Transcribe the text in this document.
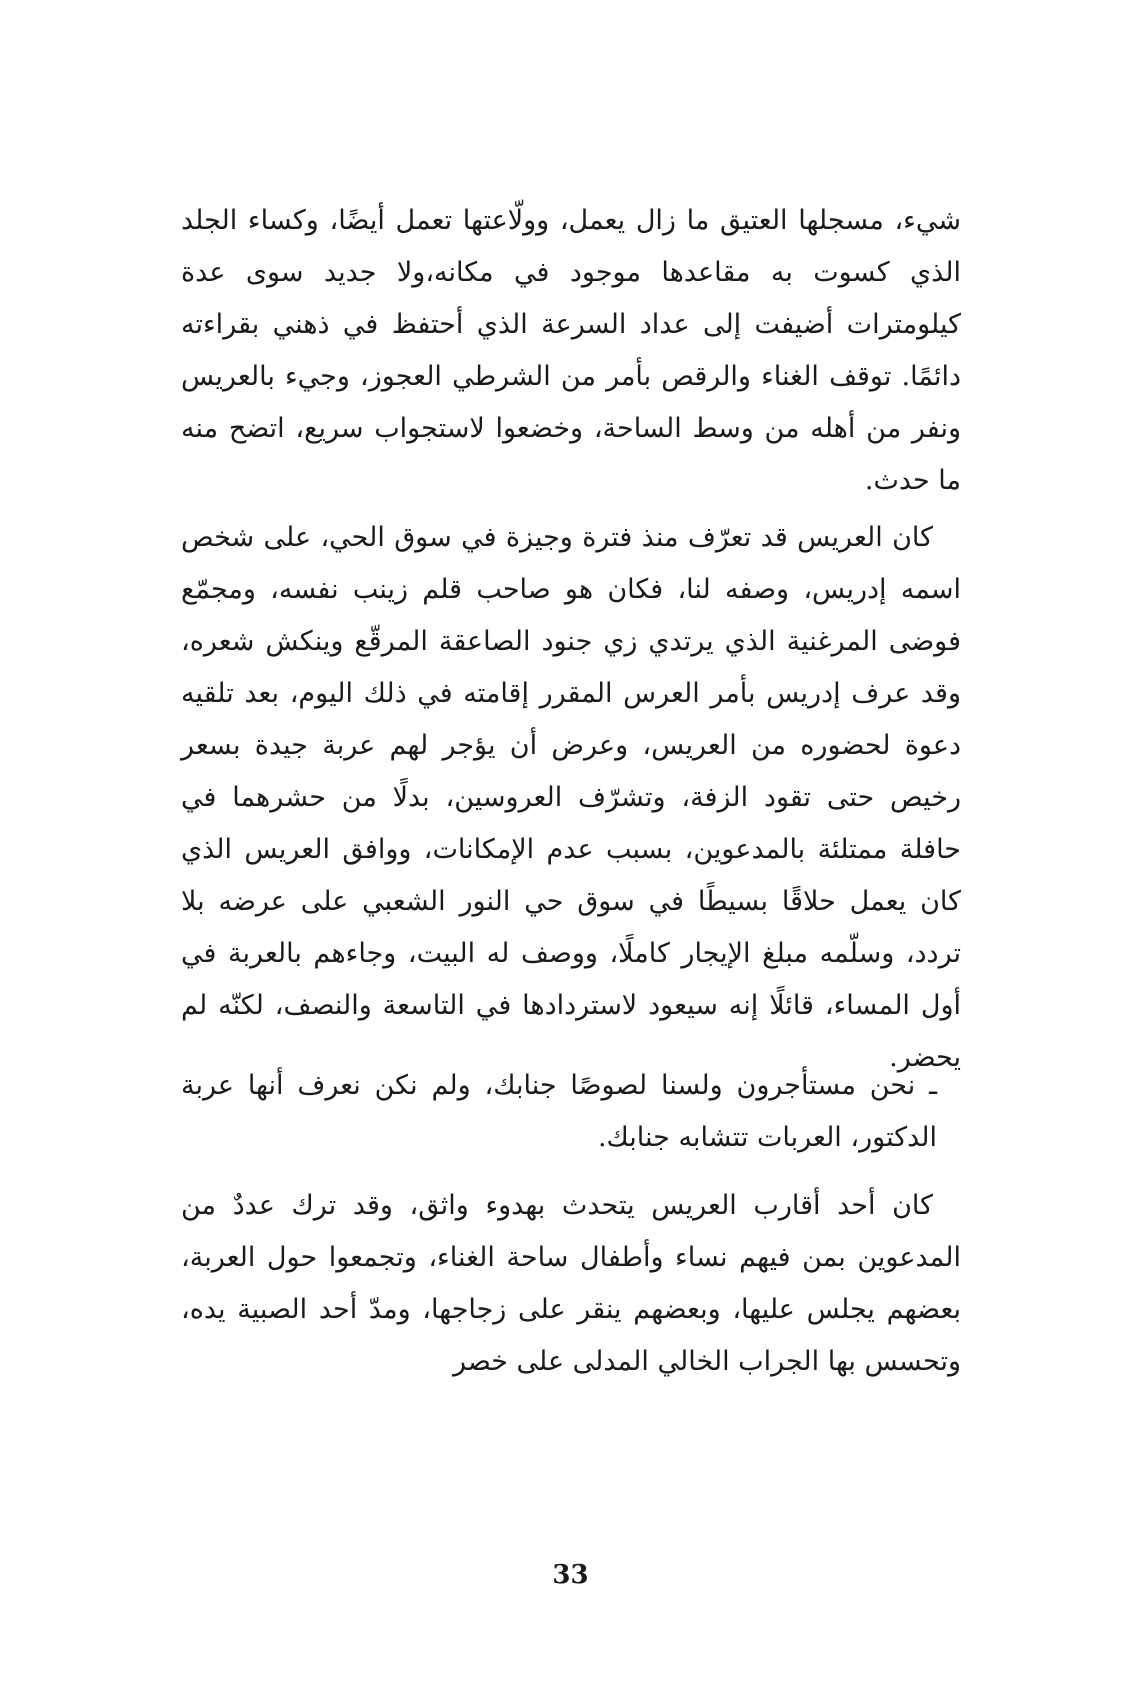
شيء، مسجلها العتيق ما زال يعمل، وولّاعتها تعمل أيضًا، وكساء الجلد الذي كسوت به مقاعدها موجود في مكانه،ولا جديد سوى عدة كيلومترات أضيفت إلى عداد السرعة الذي أحتفظ في ذهني بقراءته دائمًا. توقف الغناء والرقص بأمر من الشرطي العجوز، وجيء بالعريس ونفر من أهله من وسط الساحة، وخضعوا لاستجواب سريع، اتضح منه ما حدث.

كان العريس قد تعرّف منذ فترة وجيزة في سوق الحي، على شخص اسمه إدريس، وصفه لنا، فكان هو صاحب قلم زينب نفسه، ومجمّع فوضى المرغنية الذي يرتدي زي جنود الصاعقة المرقّع وينكش شعره، وقد عرف إدريس بأمر العرس المقرر إقامته في ذلك اليوم، بعد تلقيه دعوة لحضوره من العريس، وعرض أن يؤجر لهم عربة جيدة بسعر رخيص حتى تقود الزفة، وتشرّف العروسين، بدلًا من حشرهما في حافلة ممتلئة بالمدعوين، بسبب عدم الإمكانات، ووافق العريس الذي كان يعمل حلاقًا بسيطًا في سوق حي النور الشعبي على عرضه بلا تردد، وسلّمه مبلغ الإيجار كاملًا، ووصف له البيت، وجاءهم بالعربة في أول المساء، قائلًا إنه سيعود لاستردادها في التاسعة والنصف، لكنّه لم يحضر.

ـ نحن مستأجرون ولسنا لصوصًا جنابك، ولم نكن نعرف أنها عربة الدكتور، العربات تتشابه جنابك.

كان أحد أقارب العريس يتحدث بهدوء واثق، وقد ترك عددٌ من المدعوين بمن فيهم نساء وأطفال ساحة الغناء، وتجمعوا حول العربة، بعضهم يجلس عليها، وبعضهم ينقر على زجاجها، ومدّ أحد الصبية يده، وتحسس بها الجراب الخالي المدلى على خصر

33
